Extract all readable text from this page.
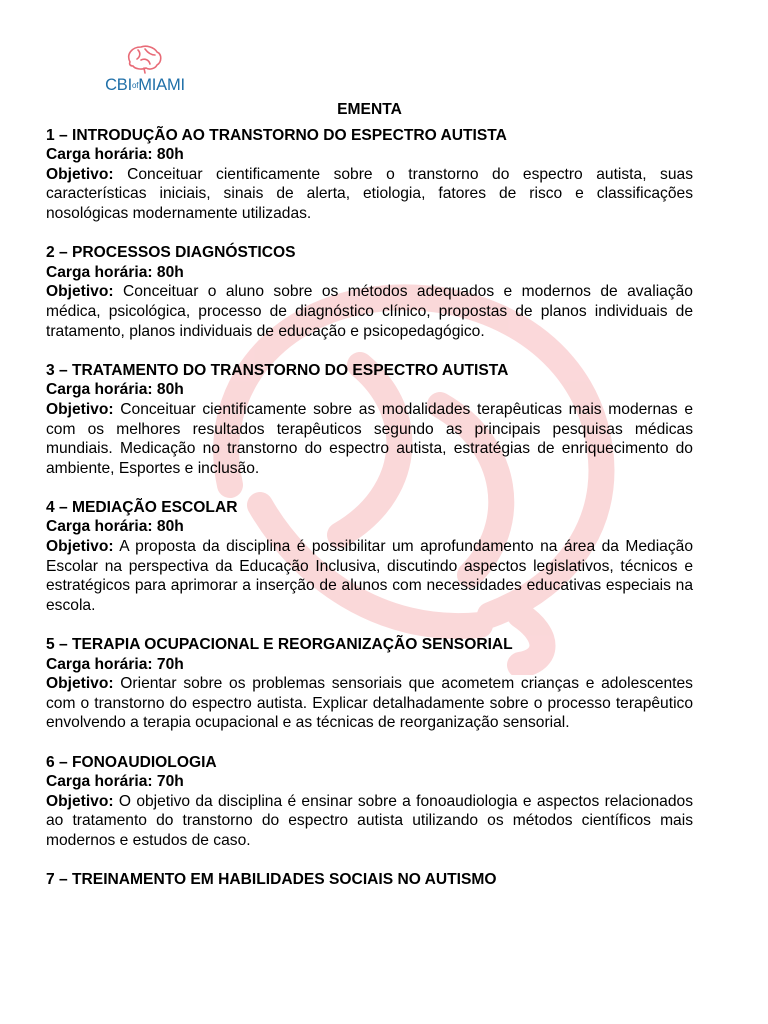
CBIofMIAMI
EMENTA
1 – INTRODUÇÃO AO TRANSTORNO DO ESPECTRO AUTISTA
Carga horária: 80h
Objetivo: Conceituar cientificamente sobre o transtorno do espectro autista, suas características iniciais, sinais de alerta, etiologia, fatores de risco e classificações nosológicas modernamente utilizadas.
2 – PROCESSOS DIAGNÓSTICOS
Carga horária: 80h
Objetivo: Conceituar o aluno sobre os métodos adequados e modernos de avaliação médica, psicológica, processo de diagnóstico clínico, propostas de planos individuais de tratamento, planos individuais de educação e psicopedagógico.
3 – TRATAMENTO DO TRANSTORNO DO ESPECTRO AUTISTA
Carga horária: 80h
Objetivo: Conceituar cientificamente sobre as modalidades terapêuticas mais modernas e com os melhores resultados terapêuticos segundo as principais pesquisas médicas mundiais. Medicação no transtorno do espectro autista, estratégias de enriquecimento do ambiente, Esportes e inclusão.
4 – MEDIAÇÃO ESCOLAR
Carga horária: 80h
Objetivo: A proposta da disciplina é possibilitar um aprofundamento na área da Mediação Escolar na perspectiva da Educação Inclusiva, discutindo aspectos legislativos, técnicos e estratégicos para aprimorar a inserção de alunos com necessidades educativas especiais na escola.
5 – TERAPIA OCUPACIONAL E REORGANIZAÇÃO SENSORIAL
Carga horária: 70h
Objetivo: Orientar sobre os problemas sensoriais que acometem crianças e adolescentes com o transtorno do espectro autista. Explicar detalhadamente sobre o processo terapêutico envolvendo a terapia ocupacional e as técnicas de reorganização sensorial.
6 – FONOAUDIOLOGIA
Carga horária: 70h
Objetivo: O objetivo da disciplina é ensinar sobre a fonoaudiologia e aspectos relacionados ao tratamento do transtorno do espectro autista utilizando os métodos científicos mais modernos e estudos de caso.
7 – TREINAMENTO EM HABILIDADES SOCIAIS NO AUTISMO
